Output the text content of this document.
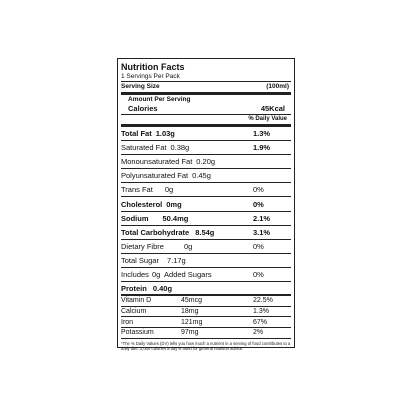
Nutrition Facts
1 Servings Per Pack
Serving Size	(100ml)
Amount Per Serving
Calories	45Kcal
% Daily Value
Total Fat 1.03g	1.3%
Saturated Fat 0.38g	1.9%
Monounsaturated Fat 0.20g
Polyunsaturated Fat 0.45g
Trans Fat 0g	0%
Cholesterol 0mg	0%
Sodium 50.4mg	2.1%
Total Carbohydrate 8.54g	3.1%
Dietary Fibre	0g	0%
Total Sugar 7.17g
Includes 0g  Added Sugars	0%
Protein 0.40g
Vitamin D	45mcg	22.5%
Calcium	18mg	1.3%
Iron	121mg	67%
Potassium	97mg	2%
*The % Daily Values (DV) tells you how much a nutrient in a serving of food contributes to a daily diet. 2,000 calories a day is used for general nutrition advice.
